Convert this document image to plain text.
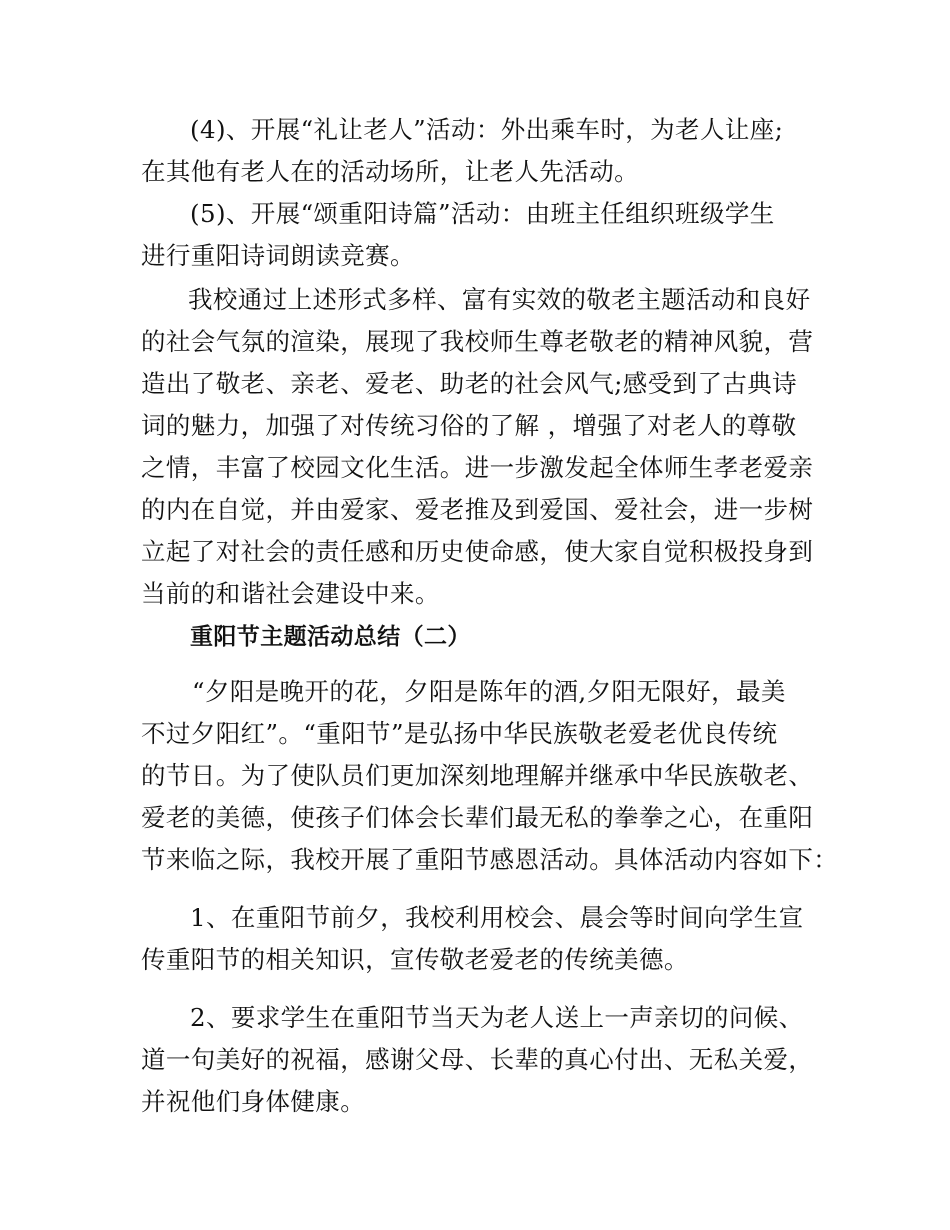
(4)、开展“礼让老人”活动：外出乘车时，为老人让座;
在其他有老人在的活动场所，让老人先活动。
(5)、开展“颂重阳诗篇”活动：由班主任组织班级学生
进行重阳诗词朗读竞赛。
我校通过上述形式多样、富有实效的敬老主题活动和良好
的社会气氛的渲染，展现了我校师生尊老敬老的精神风貌，营
造出了敬老、亲老、爱老、助老的社会风气;感受到了古典诗
词的魅力，加强了对传统习俗的了解 ，增强了对老人的尊敬
之情，丰富了校园文化生活。进一步激发起全体师生孝老爱亲
的内在自觉，并由爱家、爱老推及到爱国、爱社会，进一步树
立起了对社会的责任感和历史使命感，使大家自觉积极投身到
当前的和谐社会建设中来。
重阳节主题活动总结（二）
“夕阳是晚开的花，夕阳是陈年的酒,夕阳无限好，最美
不过夕阳红”。“重阳节”是弘扬中华民族敬老爱老优良传统
的节日。为了使队员们更加深刻地理解并继承中华民族敬老、
爱老的美德，使孩子们体会长辈们最无私的拳拳之心，在重阳
节来临之际，我校开展了重阳节感恩活动。具体活动内容如下：
1、在重阳节前夕，我校利用校会、晨会等时间向学生宣
传重阳节的相关知识，宣传敬老爱老的传统美德。
2、要求学生在重阳节当天为老人送上一声亲切的问候、
道一句美好的祝福，感谢父母、长辈的真心付出、无私关爱，
并祝他们身体健康。
